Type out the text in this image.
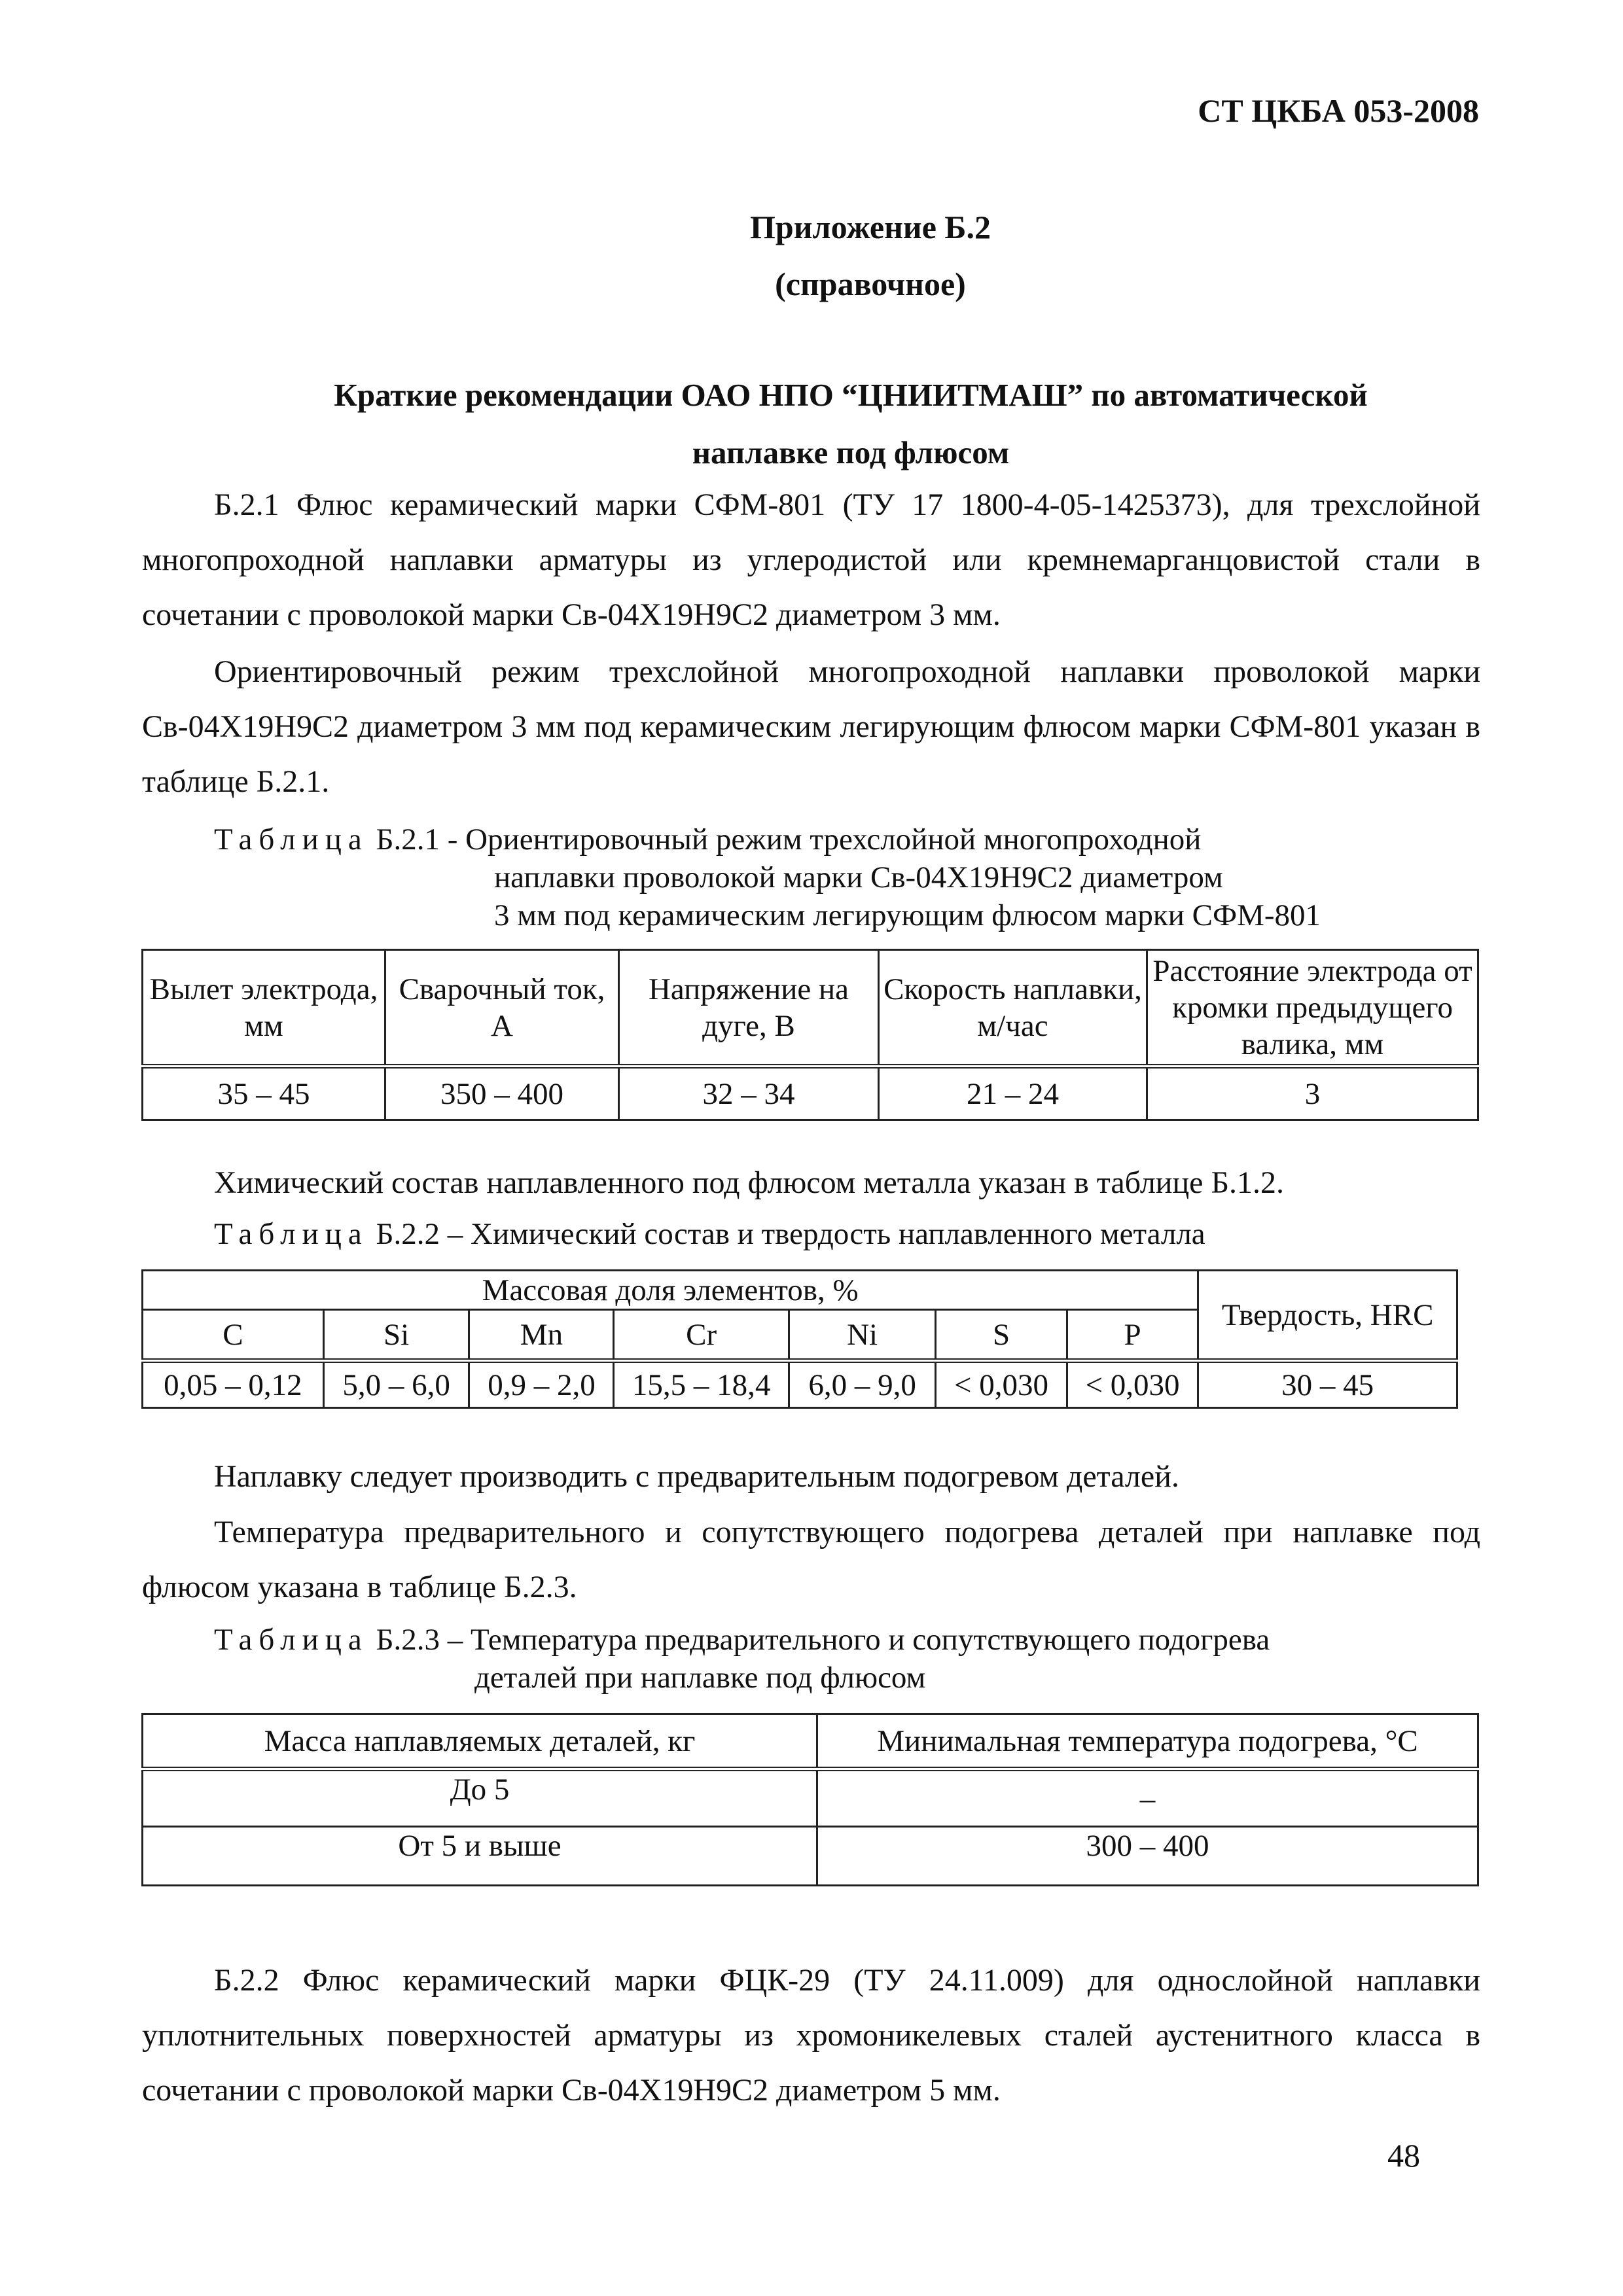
СТ ЦКБА 053-2008
Приложение Б.2
(справочное)
Краткие рекомендации ОАО НПО “ЦНИИТМАШ” по автоматической
наплавке под флюсом
Б.2.1 Флюс керамический марки СФМ-801 (ТУ 17 1800-4-05-1425373), для трехслойной многопроходной наплавки арматуры из углеродистой или кремнемарганцовистой стали в сочетании с проволокой марки Св-04Х19Н9С2 диаметром 3 мм.
Ориентировочный режим трехслойной многопроходной наплавки проволокой марки Св-04Х19Н9С2 диаметром 3 мм под керамическим легирующим флюсом марки СФМ-801 указан в таблице Б.2.1.
Таблица Б.2.1 - Ориентировочный режим трехслойной многопроходной
наплавки проволокой марки Св-04Х19Н9С2 диаметром
3 мм под керамическим легирующим флюсом марки СФМ-801
Вылет электрода, мм	Сварочный ток, А	Напряжение на дуге, В	Скорость наплавки, м/час	Расстояние электрода от кромки предыдущего валика, мм
35 – 45	350 – 400	32 – 34	21 – 24	3
Химический состав наплавленного под флюсом металла указан в таблице Б.1.2.
Таблица Б.2.2 – Химический состав и твердость наплавленного металла
Массовая доля элементов, %							Твердость, HRC
C	Si	Mn	Cr	Ni	S	P	
0,05 – 0,12	5,0 – 6,0	0,9 – 2,0	15,5 – 18,4	6,0 – 9,0	< 0,030	< 0,030	30 – 45
Наплавку следует производить с предварительным подогревом деталей.
Температура предварительного и сопутствующего подогрева деталей при наплавке под флюсом указана в таблице Б.2.3.
Таблица Б.2.3 – Температура предварительного и сопутствующего подогрева
деталей при наплавке под флюсом
Масса наплавляемых деталей, кг	Минимальная температура подогрева, °С
До 5	–
От 5 и выше	300 – 400
Б.2.2 Флюс керамический марки ФЦК-29 (ТУ 24.11.009) для однослойной наплавки уплотнительных поверхностей арматуры из хромоникелевых сталей аустенитного класса в сочетании с проволокой марки Св-04Х19Н9С2 диаметром 5 мм.
48
